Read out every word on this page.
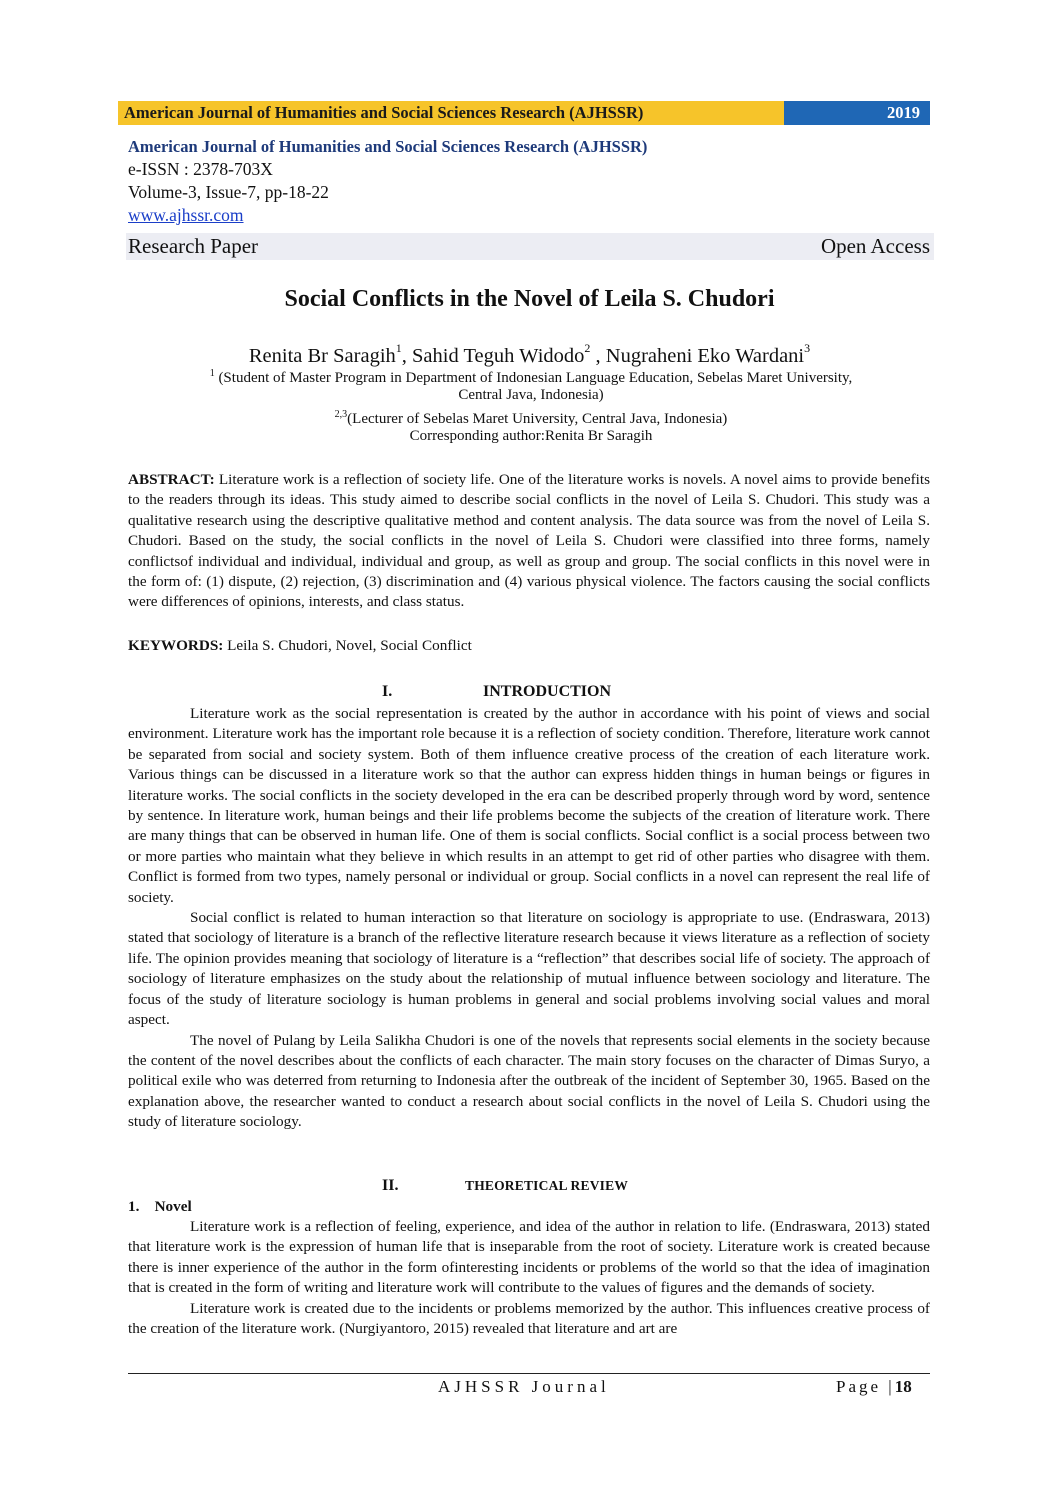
American Journal of Humanities and Social Sciences Research (AJHSSR)	2019
American Journal of Humanities and Social Sciences Research (AJHSSR)
e-ISSN : 2378-703X
Volume-3, Issue-7, pp-18-22
www.ajhssr.com
Research Paper	Open Access
Social Conflicts in the Novel of Leila S. Chudori
Renita Br Saragih$^1$, Sahid Teguh Widodo$^2$ , Nugraheni Eko Wardani$^3$
$^1$ (Student of Master Program in Department of Indonesian Language Education, Sebelas Maret University,
Central Java, Indonesia)
$^{2,3}$(Lecturer of Sebelas Maret University, Central Java, Indonesia)
Corresponding author:Renita Br Saragih

ABSTRACT: Literature work is a reflection of society life. One of the literature works is novels. A novel aims to provide benefits to the readers through its ideas. This study aimed to describe social conflicts in the novel of Leila S. Chudori. This study was a qualitative research using the descriptive qualitative method and content analysis. The data source was from the novel of Leila S. Chudori. Based on the study, the social conflicts in the novel of Leila S. Chudori were classified into three forms, namely conflictsof individual and individual, individual and group, as well as group and group. The social conflicts in this novel were in the form of: (1) dispute, (2) rejection, (3) discrimination and (4) various physical violence. The factors causing the social conflicts were differences of opinions, interests, and class status.

KEYWORDS: Leila S. Chudori, Novel, Social Conflict

I.	INTRODUCTION

Literature work as the social representation is created by the author in accordance with his point of views and social environment. Literature work has the important role because it is a reflection of society condition. Therefore, literature work cannot be separated from social and society system. Both of them influence creative process of the creation of each literature work. Various things can be discussed in a literature work so that the author can express hidden things in human beings or figures in literature works. The social conflicts in the society developed in the era can be described properly through word by word, sentence by sentence. In literature work, human beings and their life problems become the subjects of the creation of literature work. There are many things that can be observed in human life. One of them is social conflicts. Social conflict is a social process between two or more parties who maintain what they believe in which results in an attempt to get rid of other parties who disagree with them. Conflict is formed from two types, namely personal or individual or group. Social conflicts in a novel can represent the real life of society.

Social conflict is related to human interaction so that literature on sociology is appropriate to use. (Endraswara, 2013) stated that sociology of literature is a branch of the reflective literature research because it views literature as a reflection of society life. The opinion provides meaning that sociology of literature is a “reflection” that describes social life of society. The approach of sociology of literature emphasizes on the study about the relationship of mutual influence between sociology and literature. The focus of the study of literature sociology is human problems in general and social problems involving social values and moral aspect.

The novel of Pulang by Leila Salikha Chudori is one of the novels that represents social elements in the society because the content of the novel describes about the conflicts of each character. The main story focuses on the character of Dimas Suryo, a political exile who was deterred from returning to Indonesia after the outbreak of the incident of September 30, 1965. Based on the explanation above, the researcher wanted to conduct a research about social conflicts in the novel of Leila S. Chudori using the study of literature sociology.

II.	THEORETICAL REVIEW
1.    Novel

Literature work is a reflection of feeling, experience, and idea of the author in relation to life. (Endraswara, 2013) stated that literature work is the expression of human life that is inseparable from the root of society. Literature work is created because there is inner experience of the author in the form ofinteresting incidents or problems of the world so that the idea of imagination that is created in the form of writing and literature work will contribute to the values of figures and the demands of society.

Literature work is created due to the incidents or problems memorized by the author. This influences creative process of the creation of the literature work. (Nurgiyantoro, 2015) revealed that literature and art are

AJHSSR Journal	Page |18
